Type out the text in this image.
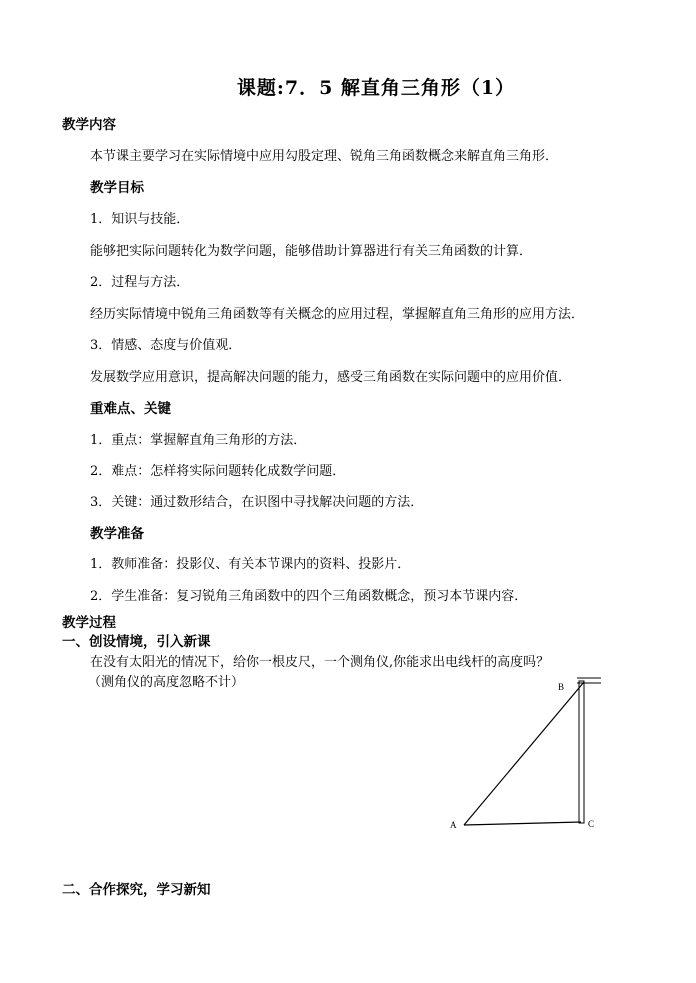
课题:7．5 解直角三角形（1）
教学内容
本节课主要学习在实际情境中应用勾股定理、锐角三角函数概念来解直角三角形．
教学目标
1．知识与技能．
能够把实际问题转化为数学问题，能够借助计算器进行有关三角函数的计算．
2．过程与方法．
经历实际情境中锐角三角函数等有关概念的应用过程，掌握解直角三角形的应用方法．
3．情感、态度与价值观．
发展数学应用意识，提高解决问题的能力，感受三角函数在实际问题中的应用价值．
重难点、关键
1．重点：掌握解直角三角形的方法．
2．难点：怎样将实际问题转化成数学问题．
3．关键：通过数形结合，在识图中寻找解决问题的方法．
教学准备
1．教师准备：投影仪、有关本节课内的资料、投影片．
2．学生准备：复习锐角三角函数中的四个三角函数概念，预习本节课内容．
教学过程
一、创设情境，引入新课
在没有太阳光的情况下，给你一根皮尺，一个测角仪,你能求出电线杆的高度吗？
（测角仪的高度忽略不计）
A
B
C
二、合作探究，学习新知
